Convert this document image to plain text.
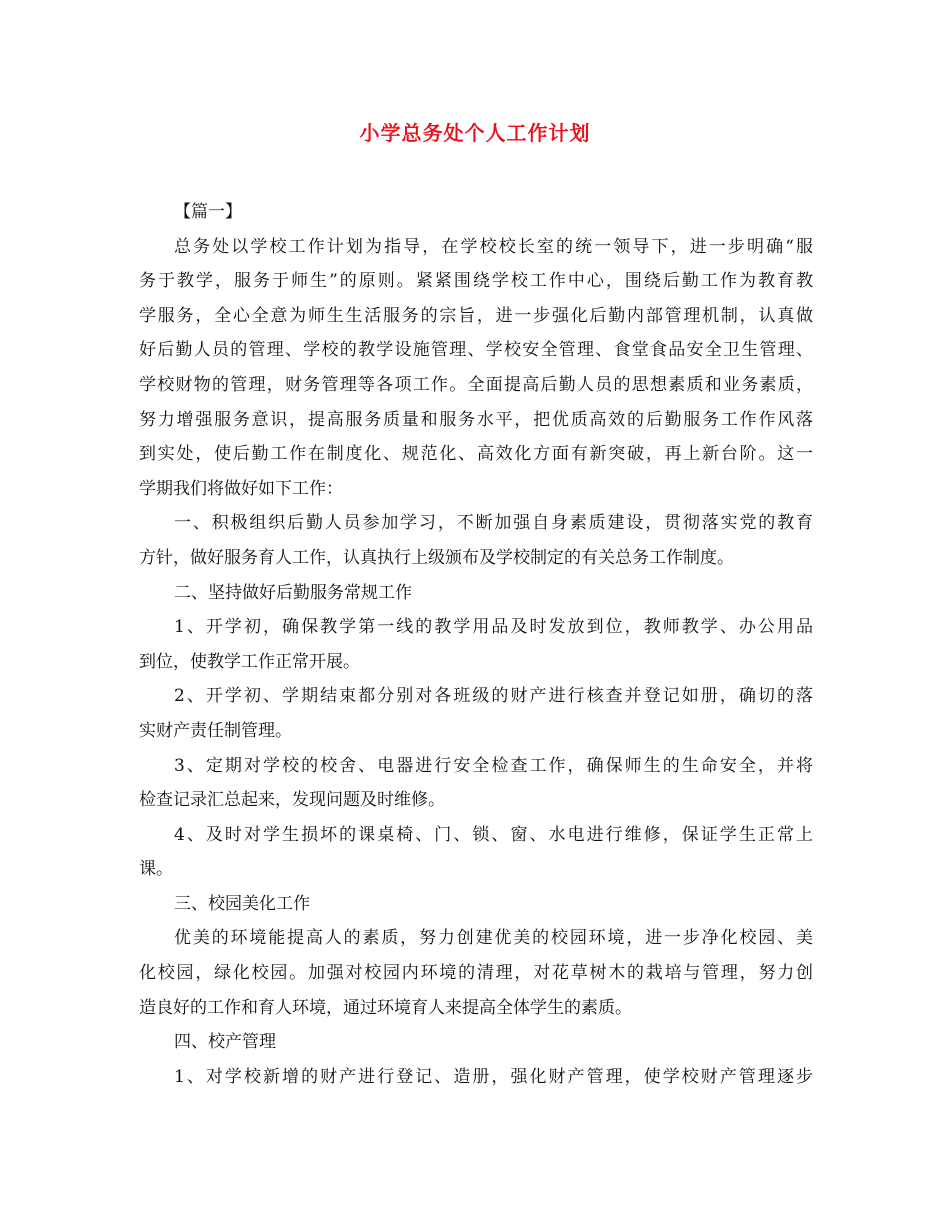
小学总务处个人工作计划
【篇一】
总务处以学校工作计划为指导，在学校校长室的统一领导下，进一步明确“服
务于教学，服务于师生”的原则。紧紧围绕学校工作中心，围绕后勤工作为教育教
学服务，全心全意为师生生活服务的宗旨，进一步强化后勤内部管理机制，认真做
好后勤人员的管理、学校的教学设施管理、学校安全管理、食堂食品安全卫生管理、
学校财物的管理，财务管理等各项工作。全面提高后勤人员的思想素质和业务素质，
努力增强服务意识，提高服务质量和服务水平，把优质高效的后勤服务工作作风落
到实处，使后勤工作在制度化、规范化、高效化方面有新突破，再上新台阶。这一
学期我们将做好如下工作：
一、积极组织后勤人员参加学习，不断加强自身素质建设，贯彻落实党的教育
方针，做好服务育人工作，认真执行上级颁布及学校制定的有关总务工作制度。
二、坚持做好后勤服务常规工作
1、开学初，确保教学第一线的教学用品及时发放到位，教师教学、办公用品
到位，使教学工作正常开展。
2、开学初、学期结束都分别对各班级的财产进行核查并登记如册，确切的落
实财产责任制管理。
3、定期对学校的校舍、电器进行安全检查工作，确保师生的生命安全，并将
检查记录汇总起来，发现问题及时维修。
4、及时对学生损坏的课桌椅、门、锁、窗、水电进行维修，保证学生正常上
课。
三、校园美化工作
优美的环境能提高人的素质，努力创建优美的校园环境，进一步净化校园、美
化校园，绿化校园。加强对校园内环境的清理，对花草树木的栽培与管理，努力创
造良好的工作和育人环境，通过环境育人来提高全体学生的素质。
四、校产管理
1、对学校新增的财产进行登记、造册，强化财产管理，使学校财产管理逐步
